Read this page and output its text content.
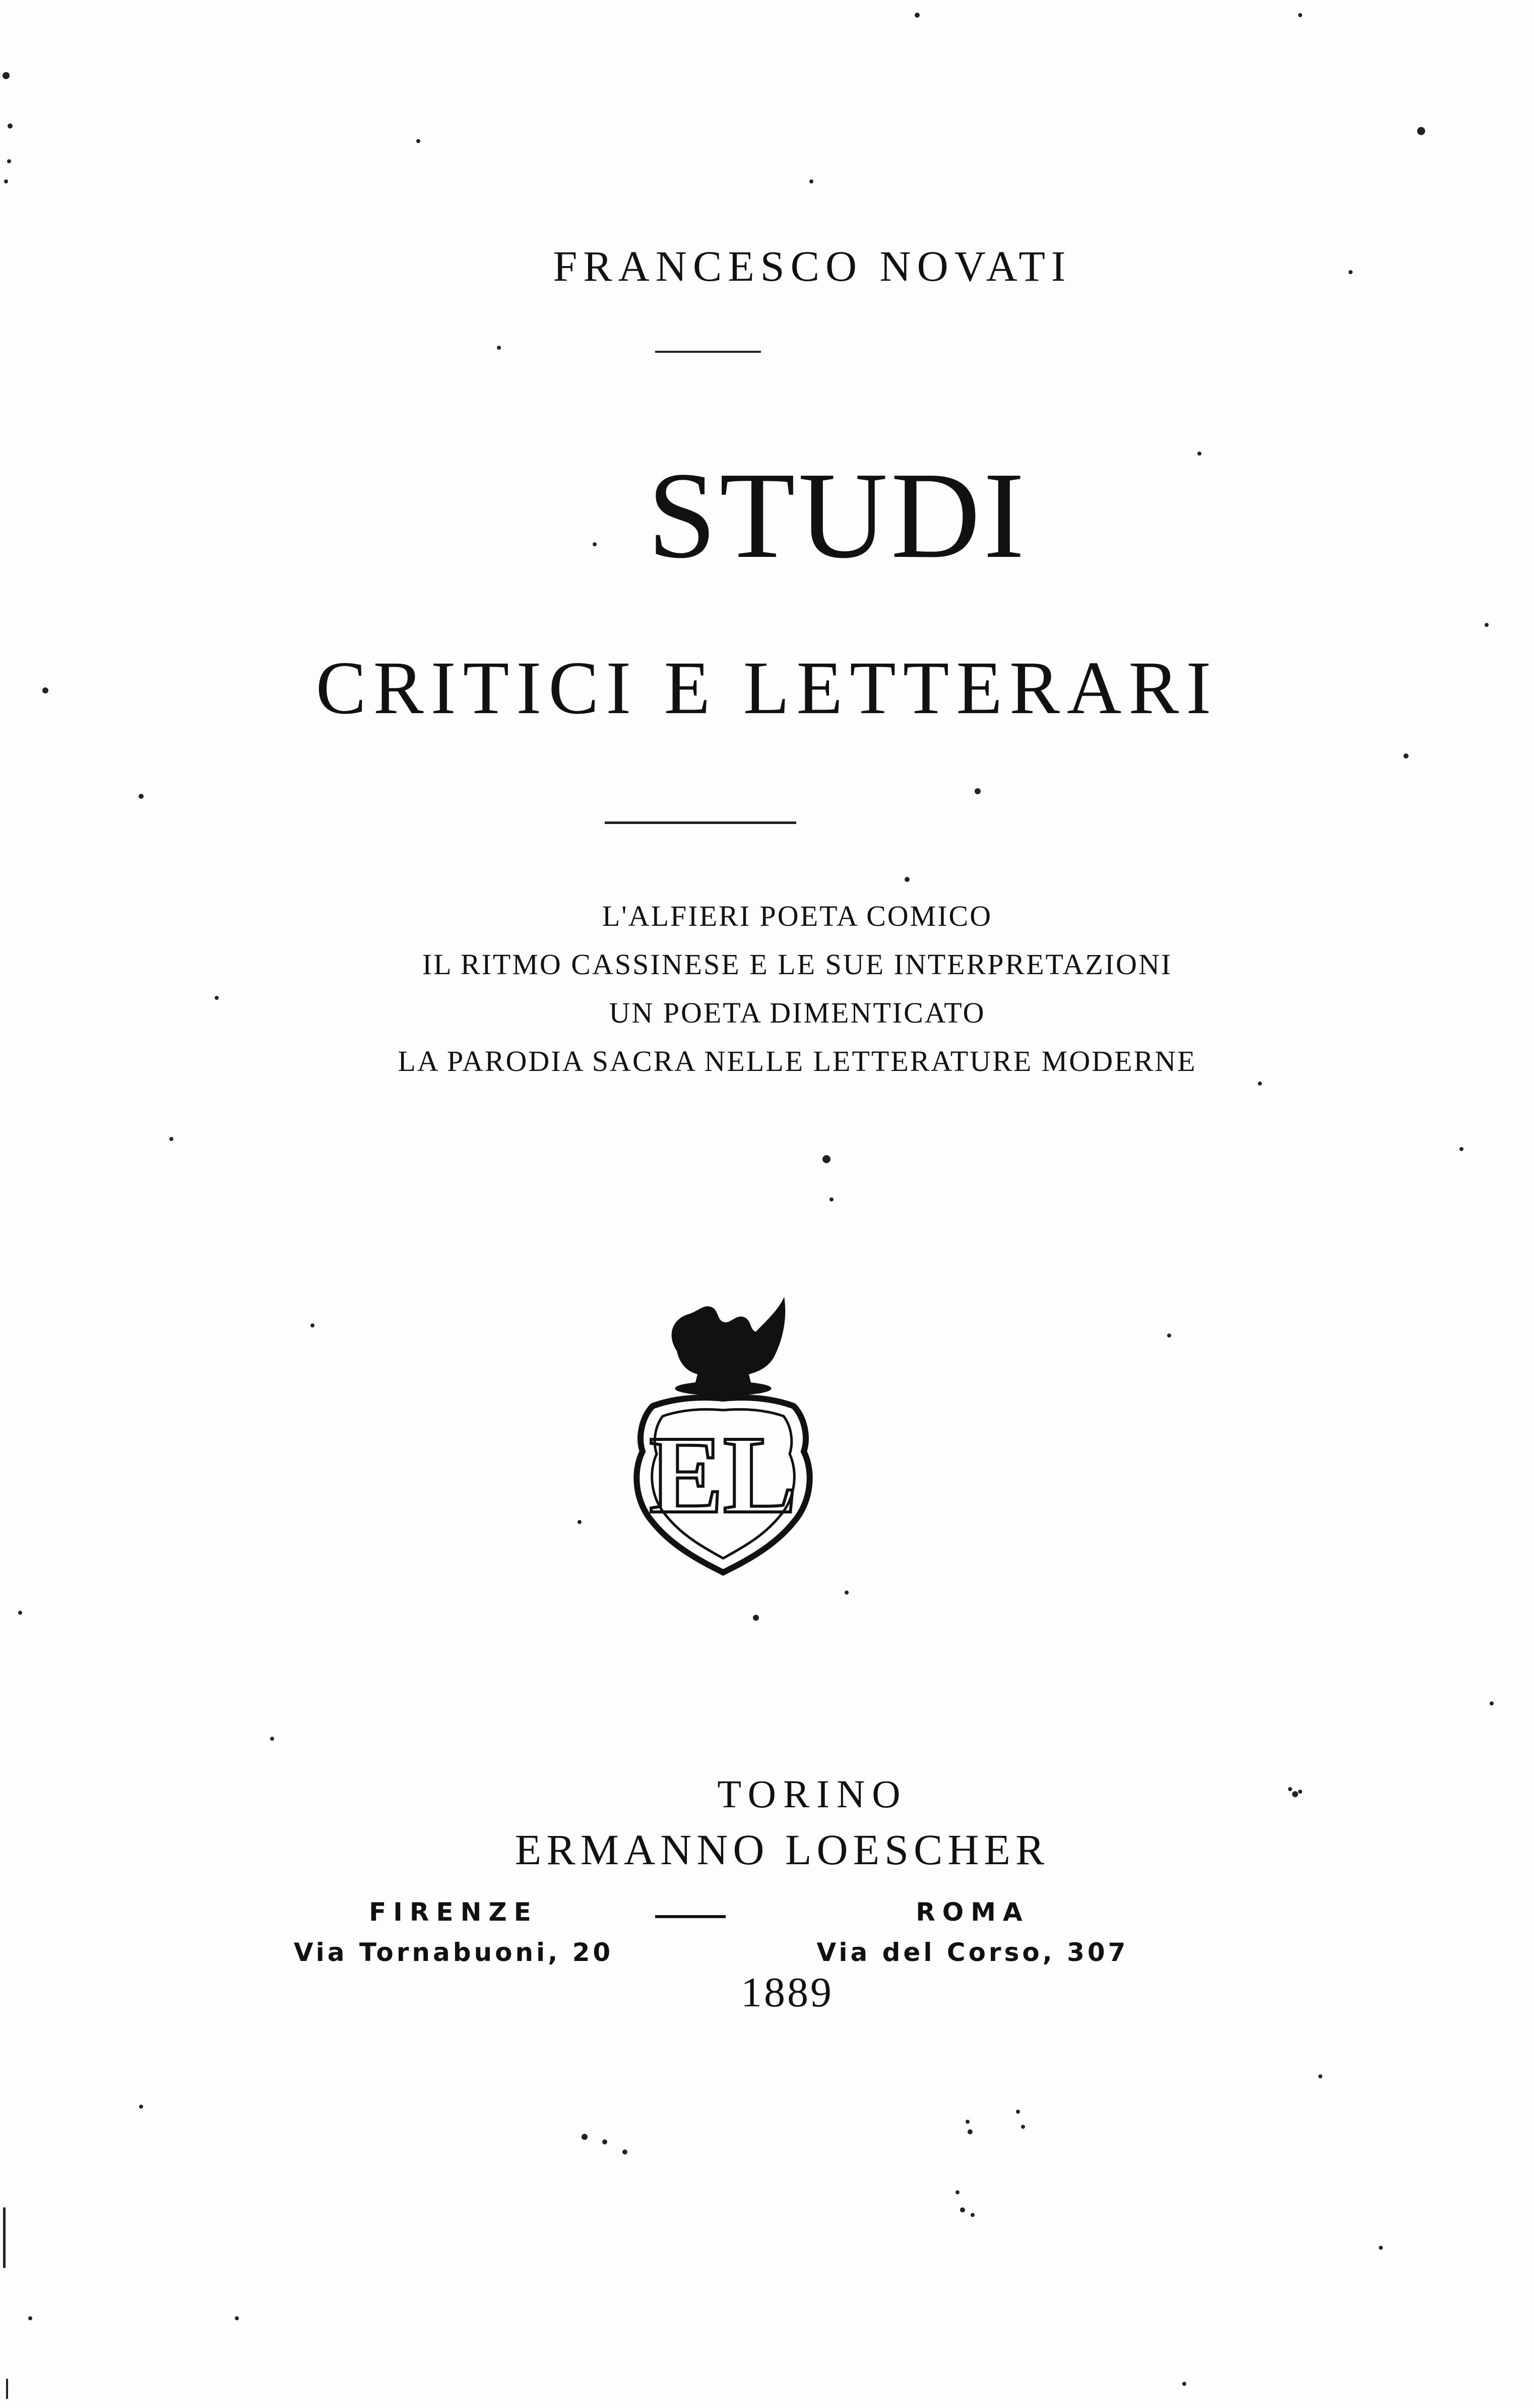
FRANCESCO NOVATI
STUDI
CRITICI E LETTERARI
L'ALFIERI POETA COMICO
IL RITMO CASSINESE E LE SUE INTERPRETAZIONI
UN POETA DIMENTICATO
LA PARODIA SACRA NELLE LETTERATURE MODERNE
EL
TORINO
ERMANNO LOESCHER
FIRENZE	ROMA
Via Tornabuoni, 20	Via del Corso, 307
1889
